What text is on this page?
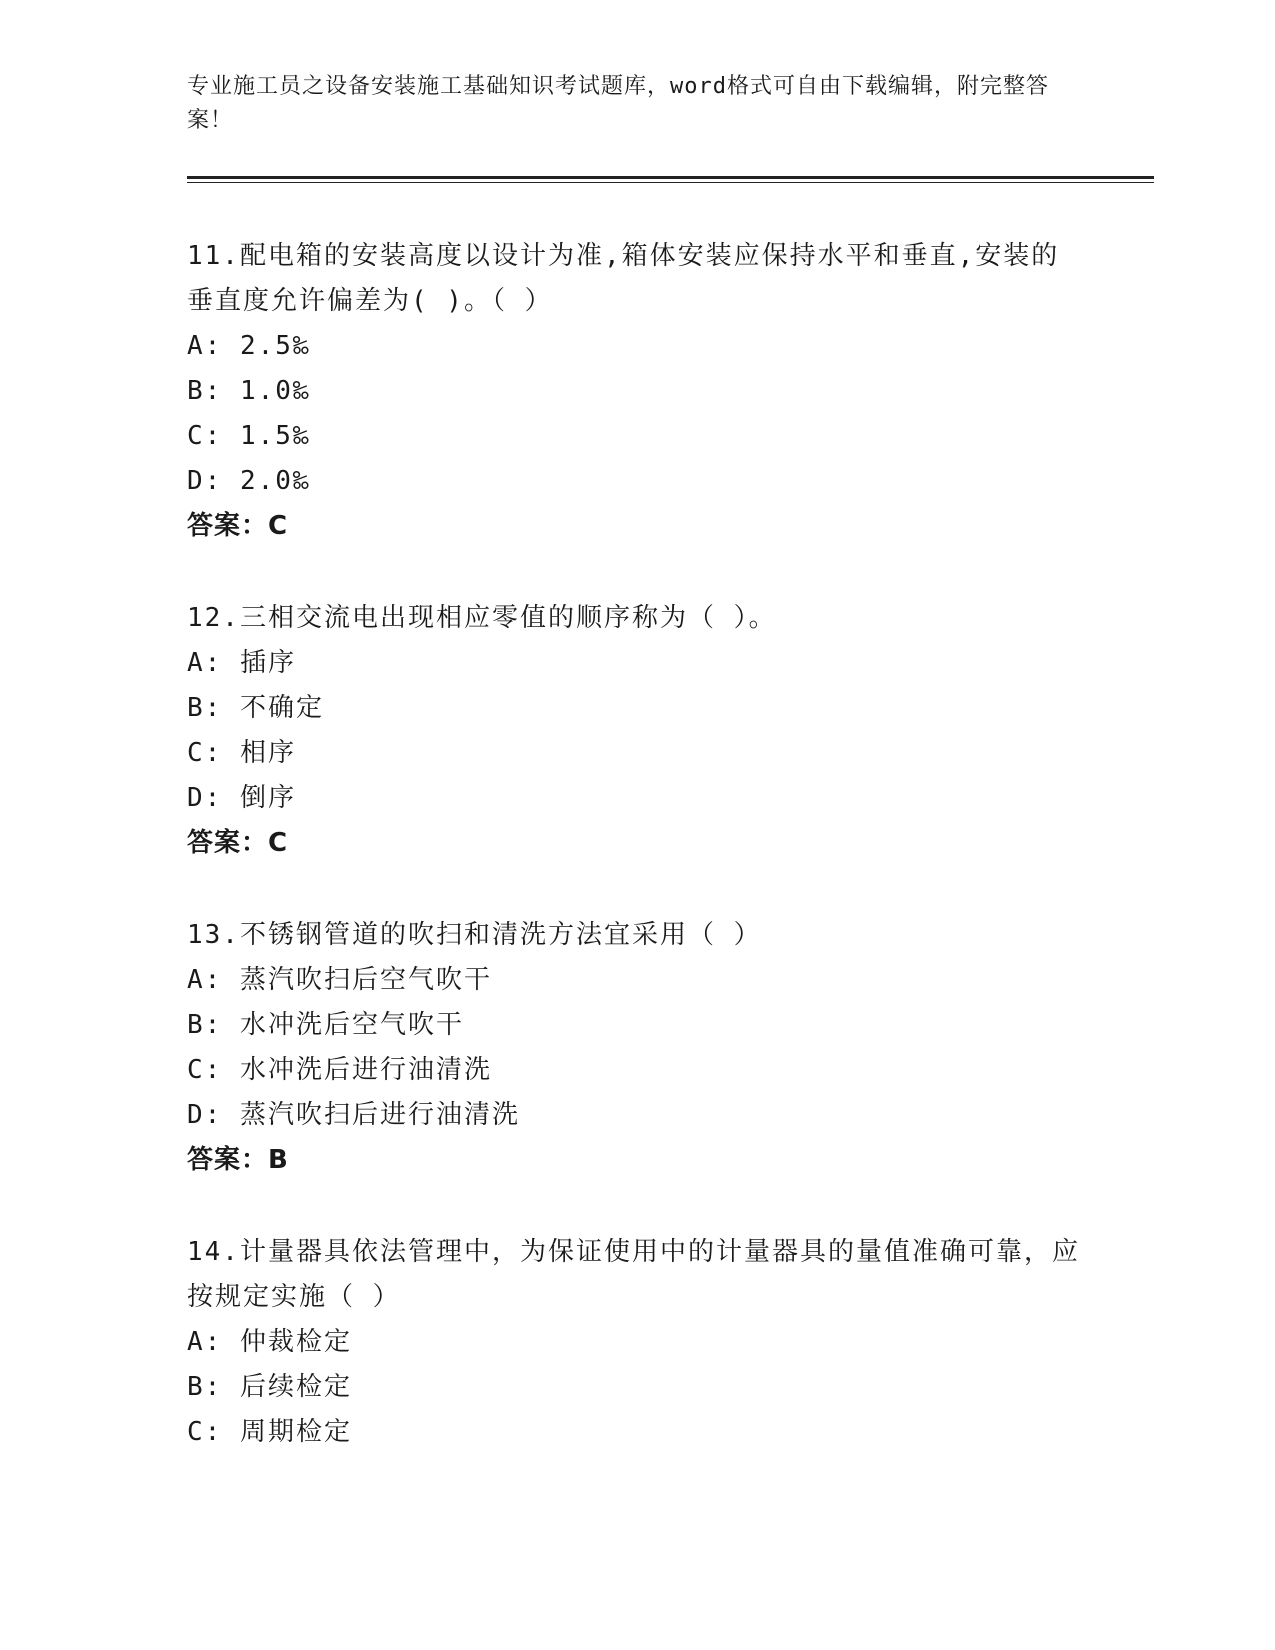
专业施工员之设备安装施工基础知识考试题库，word格式可自由下载编辑，附完整答案！
11.配电箱的安装高度以设计为准,箱体安装应保持水平和垂直,安装的垂直度允许偏差为( )。（ ）
A: 2.5‰
B: 1.0‰
C: 1.5‰
D: 2.0‰
答案：C
12.三相交流电出现相应零值的顺序称为（ ）。
A: 插序
B: 不确定
C: 相序
D: 倒序
答案：C
13.不锈钢管道的吹扫和清洗方法宜采用（ ）
A: 蒸汽吹扫后空气吹干
B: 水冲洗后空气吹干
C: 水冲洗后进行油清洗
D: 蒸汽吹扫后进行油清洗
答案：B
14.计量器具依法管理中，为保证使用中的计量器具的量值准确可靠，应按规定实施（ ）
A: 仲裁检定
B: 后续检定
C: 周期检定
